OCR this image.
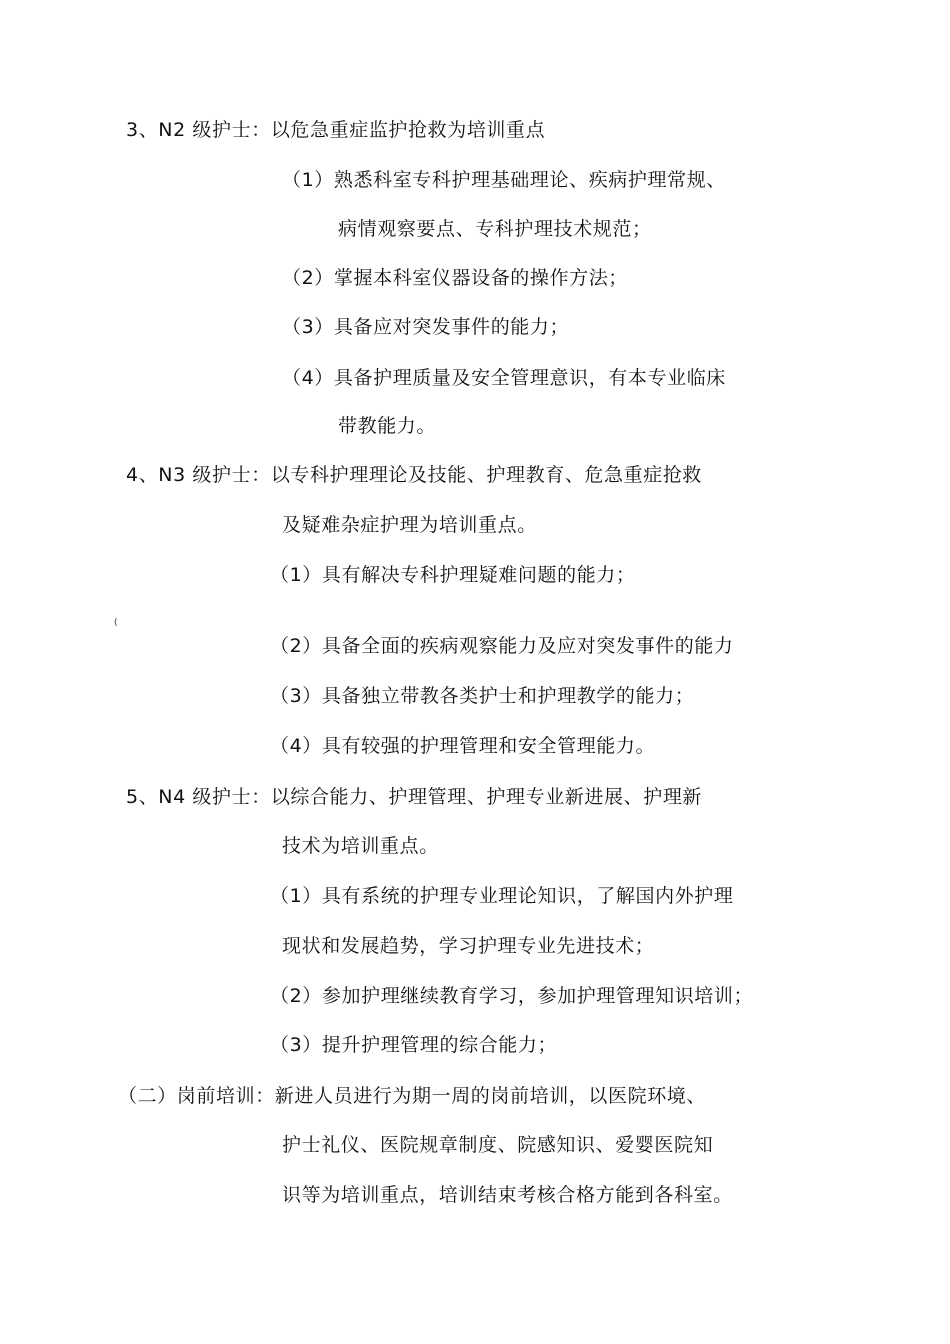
3、N2 级护士：以危急重症监护抢救为培训重点
（1）熟悉科室专科护理基础理论、疾病护理常规、
病情观察要点、专科护理技术规范；
（2）掌握本科室仪器设备的操作方法；
（3）具备应对突发事件的能力；
（4）具备护理质量及安全管理意识，有本专业临床
带教能力。
4、N3 级护士：以专科护理理论及技能、护理教育、危急重症抢救
及疑难杂症护理为培训重点。
（1）具有解决专科护理疑难问题的能力；
(
（2）具备全面的疾病观察能力及应对突发事件的能力
（3）具备独立带教各类护士和护理教学的能力；
（4）具有较强的护理管理和安全管理能力。
5、N4 级护士：以综合能力、护理管理、护理专业新进展、护理新
技术为培训重点。
（1）具有系统的护理专业理论知识，了解国内外护理
现状和发展趋势，学习护理专业先进技术；
（2）参加护理继续教育学习，参加护理管理知识培训；
（3）提升护理管理的综合能力；
（二）岗前培训：新进人员进行为期一周的岗前培训，以医院环境、
护士礼仪、医院规章制度、院感知识、爱婴医院知
识等为培训重点，培训结束考核合格方能到各科室。
